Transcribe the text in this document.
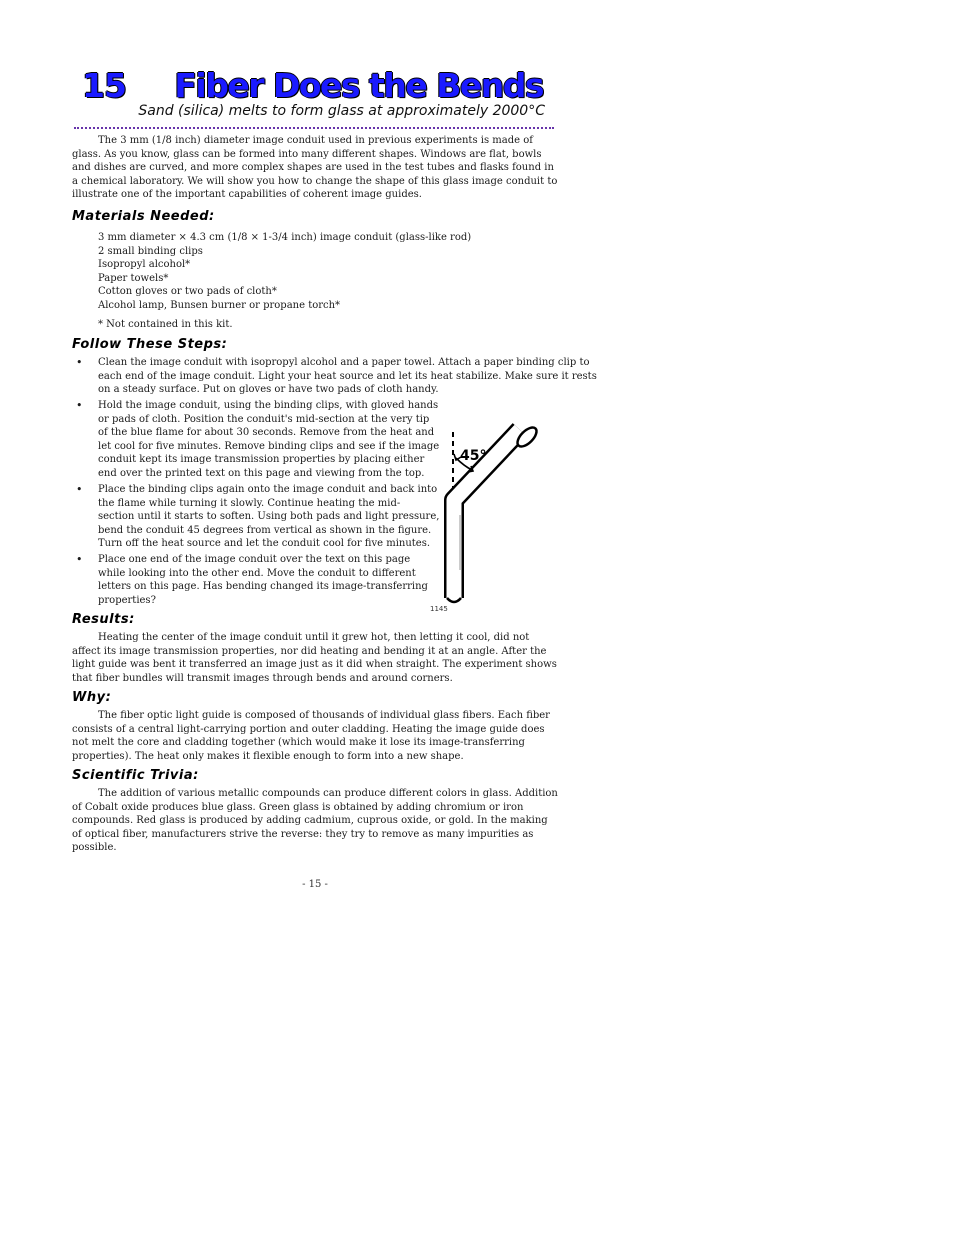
15 Fiber Does the Bends
Sand (silica) melts to form glass at approximately 2000°C
The 3 mm (1/8 inch) diameter image conduit used in previous experiments is made of glass. As you know, glass can be formed into many different shapes. Windows are flat, bowls and dishes are curved, and more complex shapes are used in the test tubes and flasks found in a chemical laboratory. We will show you how to change the shape of this glass image conduit to illustrate one of the important capabilities of coherent image guides.
Materials Needed:
3 mm diameter × 4.3 cm (1/8 × 1-3/4 inch) image conduit (glass-like rod)
2 small binding clips
Isopropyl alcohol*
Paper towels*
Cotton gloves or two pads of cloth*
Alcohol lamp, Bunsen burner or propane torch*
* Not contained in this kit.
Follow These Steps:
• Clean the image conduit with isopropyl alcohol and a paper towel. Attach a paper binding clip to
each end of the image conduit. Light your heat source and let its heat stabilize. Make sure it rests
on a steady surface. Put on gloves or have two pads of cloth handy.
• Hold the image conduit, using the binding clips, with gloved hands
or pads of cloth. Position the conduit's mid-section at the very tip
of the blue flame for about 30 seconds. Remove from the heat and
let cool for five minutes. Remove binding clips and see if the image
conduit kept its image transmission properties by placing either
end over the printed text on this page and viewing from the top.
• Place the binding clips again onto the image conduit and back into
the flame while turning it slowly. Continue heating the mid-
section until it starts to soften. Using both pads and light pressure,
bend the conduit 45 degrees from vertical as shown in the figure.
Turn off the heat source and let the conduit cool for five minutes.
• Place one end of the image conduit over the text on this page
while looking into the other end. Move the conduit to different
letters on this page. Has bending changed its image-transferring
properties?
45°
1145
Results:
Heating the center of the image conduit until it grew hot, then letting it cool, did not affect its image transmission properties, nor did heating and bending it at an angle. After the light guide was bent it transferred an image just as it did when straight. The experiment shows that fiber bundles will transmit images through bends and around corners.
Why:
The fiber optic light guide is composed of thousands of individual glass fibers. Each fiber consists of a central light-carrying portion and outer cladding. Heating the image guide does not melt the core and cladding together (which would make it lose its image-transferring properties). The heat only makes it flexible enough to form into a new shape.
Scientific Trivia:
The addition of various metallic compounds can produce different colors in glass. Addition of Cobalt oxide produces blue glass. Green glass is obtained by adding chromium or iron compounds. Red glass is produced by adding cadmium, cuprous oxide, or gold. In the making of optical fiber, manufacturers strive the reverse: they try to remove as many impurities as possible.
- 15 -
